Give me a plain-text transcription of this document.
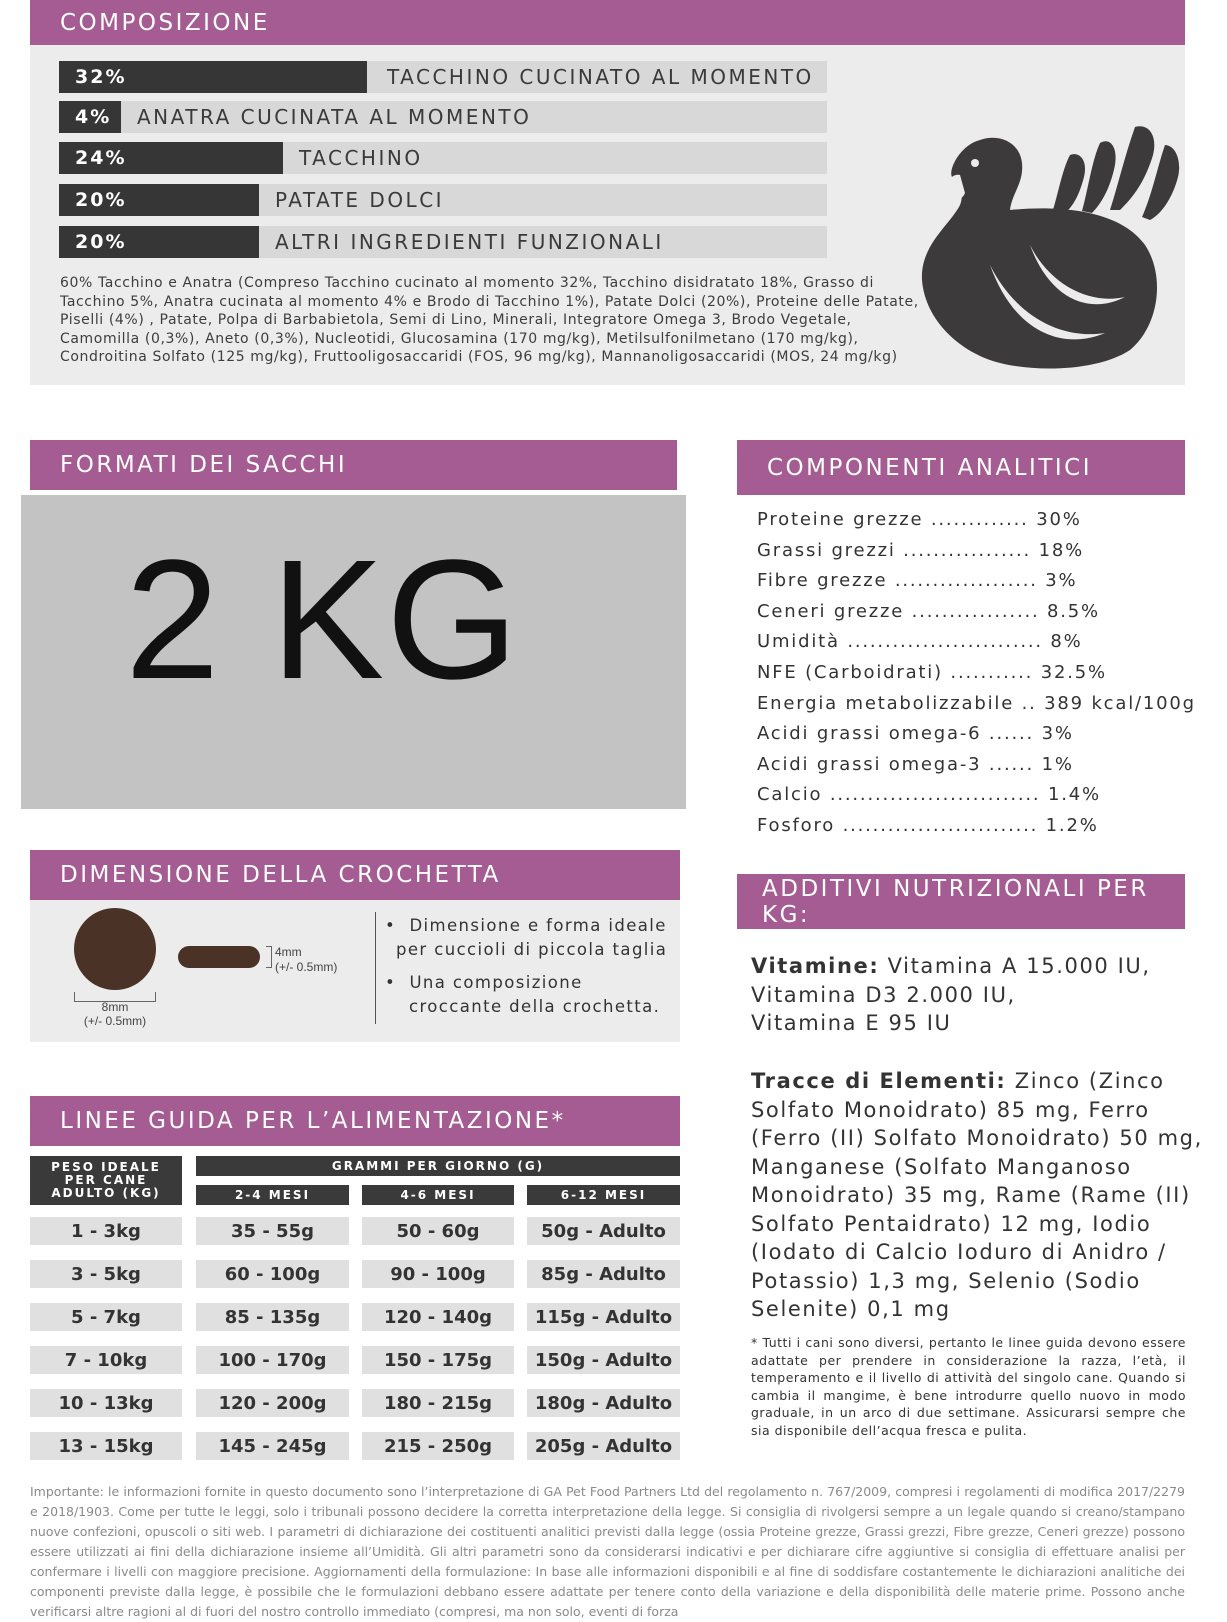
COMPOSIZIONE
32%	TACCHINO CUCINATO AL MOMENTO
4%	ANATRA CUCINATA AL MOMENTO
24%	TACCHINO
20%	PATATE DOLCI
20%	ALTRI INGREDIENTI FUNZIONALI
60% Tacchino e Anatra (Compreso Tacchino cucinato al momento 32%, Tacchino disidratato 18%, Grasso di
Tacchino 5%, Anatra cucinata al momento 4% e Brodo di Tacchino 1%), Patate Dolci (20%), Proteine delle Patate,
Piselli (4%) , Patate, Polpa di Barbabietola, Semi di Lino, Minerali, Integratore Omega 3, Brodo Vegetale,
Camomilla (0,3%), Aneto (0,3%), Nucleotidi, Glucosamina (170 mg/kg), Metilsulfonilmetano (170 mg/kg),
Condroitina Solfato (125 mg/kg), Fruttooligosaccaridi (FOS, 96 mg/kg), Mannanoligosaccaridi (MOS, 24 mg/kg)
FORMATI DEI SACCHI
2 KG
COMPONENTI ANALITICI
Proteine grezze ............. 30%
Grassi grezzi ................. 18%
Fibre grezze ................... 3%
Ceneri grezze ................. 8.5%
Umidità .......................... 8%
NFE (Carboidrati) ........... 32.5%
Energia metabolizzabile .. 389 kcal/100g
Acidi grassi omega-6 ...... 3%
Acidi grassi omega-3 ...... 1%
Calcio ............................ 1.4%
Fosforo .......................... 1.2%
DIMENSIONE DELLA CROCHETTA
8mm
(+/- 0.5mm)
4mm
(+/- 0.5mm)
•  Dimensione e forma ideale
per cuccioli di piccola taglia
•  Una composizione
croccante della crochetta.
ADDITIVI NUTRIZIONALI PER KG:
Vitamine: Vitamina A 15.000 IU,
Vitamina D3 2.000 IU,
Vitamina E 95 IU
Tracce di Elementi: Zinco (Zinco
Solfato Monoidrato) 85 mg, Ferro
(Ferro (II) Solfato Monoidrato) 50 mg,
Manganese (Solfato Manganoso
Monoidrato) 35 mg, Rame (Rame (II)
Solfato Pentaidrato) 12 mg, Iodio
(Iodato di Calcio Ioduro di Anidro /
Potassio) 1,3 mg, Selenio (Sodio
Selenite) 0,1 mg
* Tutti i cani sono diversi, pertanto le linee guida devono essere adattate per prendere in considerazione la razza, l’età, il temperamento e il livello di attività del singolo cane. Quando si cambia il mangime, è bene introdurre quello nuovo in modo graduale, in un arco di due settimane. Assicurarsi sempre che sia disponibile dell’acqua fresca e pulita.
LINEE GUIDA PER L’ALIMENTAZIONE*
PESO IDEALE
PER CANE
ADULTO (KG)
GRAMMI PER GIORNO (G)
2-4 MESI	4-6 MESI	6-12 MESI
1 - 3kg	35 - 55g	50 - 60g	50g - Adulto
3 - 5kg	60 - 100g	90 - 100g	85g - Adulto
5 - 7kg	85 - 135g	120 - 140g	115g - Adulto
7 - 10kg	100 - 170g	150 - 175g	150g - Adulto
10 - 13kg	120 - 200g	180 - 215g	180g - Adulto
13 - 15kg	145 - 245g	215 - 250g	205g - Adulto
Importante: le informazioni fornite in questo documento sono l’interpretazione di GA Pet Food Partners Ltd del regolamento n. 767/2009, compresi i regolamenti di modifica 2017/2279 e 2018/1903. Come per tutte le leggi, solo i tribunali possono decidere la corretta interpretazione della legge. Si consiglia di rivolgersi sempre a un legale quando si creano/stampano nuove confezioni, opuscoli o siti web. I parametri di dichiarazione dei costituenti analitici previsti dalla legge (ossia Proteine grezze, Grassi grezzi, Fibre grezze, Ceneri grezze) possono essere utilizzati ai fini della dichiarazione insieme all’Umidità. Gli altri parametri sono da considerarsi indicativi e per dichiarare cifre aggiuntive si consiglia di effettuare analisi per confermare i livelli con maggiore precisione. Aggiornamenti della formulazione: In base alle informazioni disponibili e al fine di soddisfare costantemente le dichiarazioni analitiche dei componenti previste dalla legge, è possibile che le formulazioni debbano essere adattate per tenere conto della variazione e della disponibilità delle materie prime. Possono anche verificarsi altre ragioni al di fuori del nostro controllo immediato (compresi, ma non solo, eventi di forza
